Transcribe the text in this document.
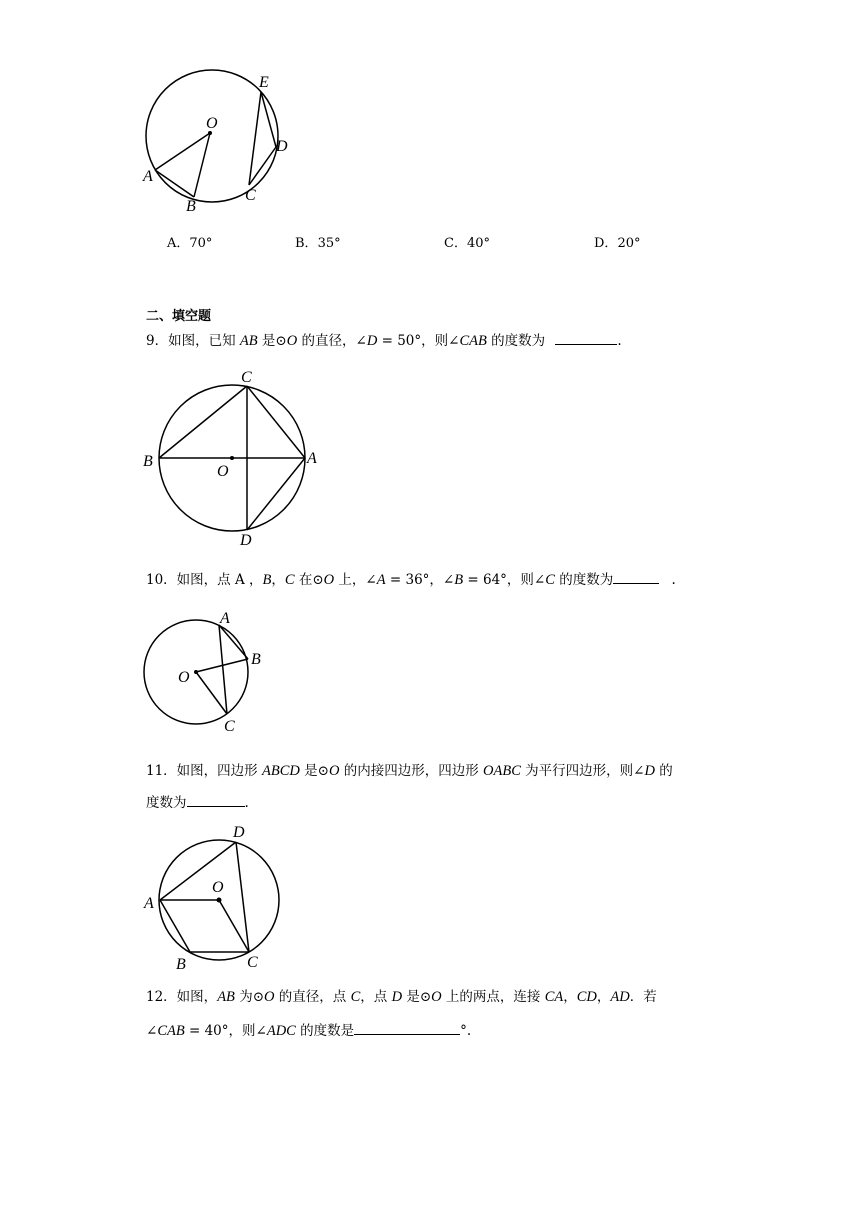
E
O
D
A
B
C
A．70°	B．35°	C．40°	D．20°
二、填空题
9．如图，已知 AB 是⊙O 的直径，∠D = 50°，则∠CAB 的度数为	.
C
B
O
A
D
10．如图，点 A ，B，C 在⊙O 上，∠A = 36°，∠B = 64°，则∠C 的度数为	.
A
B
O
C
11．如图，四边形 ABCD 是⊙O 的内接四边形，四边形 OABC 为平行四边形，则∠D 的
度数为	.
D
O
A
B	C
12．如图，AB 为⊙O 的直径，点 C，点 D 是⊙O 上的两点，连接 CA，CD，AD．若
∠CAB = 40°，则∠ADC 的度数是	°.
